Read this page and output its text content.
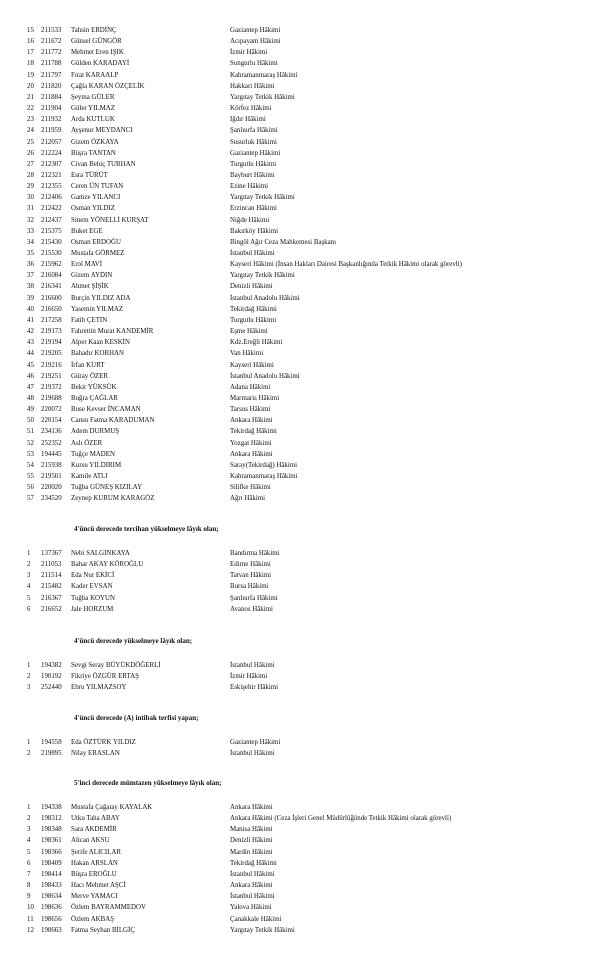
15 211533 Tahsin ERDİNÇ	Gaziantep Hâkimi
16 211672 Günsel GÜNGÖR	Acıpayam Hâkimi
17 211772 Mehmet Eren IŞIK	İzmir Hâkimi
18 211788 Gülden KARADAYİ	Sungurlu Hâkimi
19 211797 Fırat KARAALP	Kahramanmaraş Hâkimi
20 211820 Çağla KARAN ÖZÇELİK	Hakkari Hâkimi
21 211884 Şeyma GÜLER	Yargıtay Tetkik Hâkimi
22 211904 Güler YILMAZ	Körfez Hâkimi
23 211932 Arda KUTLUK	Iğdır Hâkimi
24 211959 Ayşenur MEYDANCI	Şanlıurfa Hâkimi
25 212057 Gizem ÖZKAYA	Susurluk Hâkimi
26 212224 Büşra TANTAN	Gaziantep Hâkimi
27 212307 Civan Behiç TURHAN	Turgutlu Hâkimi
28 212321 Esra TÜRÜT	Bayburt Hâkimi
29 212355 Ceren ÜN TUFAN	Ezine Hâkimi
30 212406 Gamze YILANCI	Yargıtay Tetkik Hâkimi
31 212422 Osman YILDIZ	Erzincan Hâkimi
32 212437 Sinem YÖNELLİ KURŞAT	Niğde Hâkimi
33 215375 Buket EGE	Bakırköy Hâkimi
34 215430 Osman ERDOĞU	Bingöl Ağır Ceza Mahkemesi Başkanı
35 215530 Mustafa GÖRMEZ	İstanbul Hâkimi
36 215962 Erol MAVİ	Kayseri Hâkimi (İnsan Hakları Dairesi Başkanlığında Tetkik Hâkimi olarak görevli)
37 216084 Gizem AYDIN	Yargıtay Tetkik Hâkimi
38 216341 Ahmet ŞİŞİK	Denizli Hâkimi
39 216600 Burçin YILDIZ ADA	İstanbul Anadolu Hâkimi
40 216650 Yasemin YILMAZ	Tekirdağ Hâkimi
41 217258 Fatih ÇETİN	Turgutlu Hâkimi
42 219173 Fahrettin Murat KANDEMİR	Eşme Hâkimi
43 219194 Alper Kaan KESKİN	Kdz.Ereğli Hâkimi
44 219205 Bahadır KORHAN	Van Hâkimi
45 219216 İrfan KURT	Kayseri Hâkimi
46 219251 Güray ÖZER	İstanbul Anadolu Hâkimi
47 219372 Bekir YÜKSÜK	Adana Hâkimi
48 219688 Buğra ÇAĞLAR	Marmaris Hâkimi
49 220072 Buse Kevser İNCAMAN	Tarsus Hâkimi
50 220154 Cansu Fatma KARADUMAN	Ankara Hâkimi
51 234136 Adem DURMUŞ	Tekirdağ Hâkimi
52 252352 Aslı ÖZER	Yozgat Hâkimi
53 194445 Tuğçe MADEN	Ankara Hâkimi
54 215938 Kursu YILDIRIM	Saray(Tekirdağ) Hâkimi
55 219501 Kamile ATLI	Kahramanmaraş Hâkimi
56 220020 Tuğba GÜNEŞ KIZILAY	Silifke Hâkimi
57 234520 Zeynep KURUM KARAGÖZ	Ağrı Hâkimi
4'üncü derecede tercihan yükselmeye lâyık olan;
1 137367 Nebi SALGINKAYA	Bandırma Hâkimi
2 211053 Bahar AKAY KÖROĞLU	Edirne Hâkimi
3 211514 Eda Nur EKİCİ	Tatvan Hâkimi
4 215482 Kader EVSAN	Bursa Hâkimi
5 216367 Tuğba KOYUN	Şanlıurfa Hâkimi
6 216652 Jale HORZUM	Avanos Hâkimi
4'üncü derecede yükselmeye lâyık olan;
1 194382 Sevgi Seray BÜYÜKDÖĞERLİ	İstanbul Hâkimi
2 190192 Fikriye ÖZGÜR ERTAŞ	İzmir Hâkimi
3 252440 Ebru YILMAZSOY	Eskişehir Hâkimi
4'üncü derecede (A) intibak terfisi yapan;
1 194558 Eda ÖZTÜRK YILDIZ	Gaziantep Hâkimi
2 219895 Nilay ERASLAN	İstanbul Hâkimi
5'inci derecede mümtazen yükselmeye lâyık olan;
1 194338 Mustafa Çağatay KAYALAK	Ankara Hâkimi
2 198312 Utku Taha ABAY	Ankara Hâkimi (Ceza İşleri Genel Müdürlüğünde Tetkik Hâkimi olarak görevli)
3 198348 Sara AKDEMİR	Manisa Hâkimi
4 198361 Alican AKSU	Denizli Hâkimi
5 198366 Şerife ALICILAR	Mardin Hâkimi
6 198409 Hakan ARSLAN	Tekirdağ Hâkimi
7 198414 Büşra EROĞLU	İstanbul Hâkimi
8 198433 Hacı Mehmet AŞCİ	Ankara Hâkimi
9 198634 Merve YAMACI	İstanbul Hâkimi
10 198636 Özlem BAYRAMMEDOV	Yalova Hâkimi
11 198656 Özlem AKBAŞ	Çanakkale Hâkimi
12 198663 Fatma Seyhan BİLGİÇ	Yargıtay Tetkik Hâkimi
